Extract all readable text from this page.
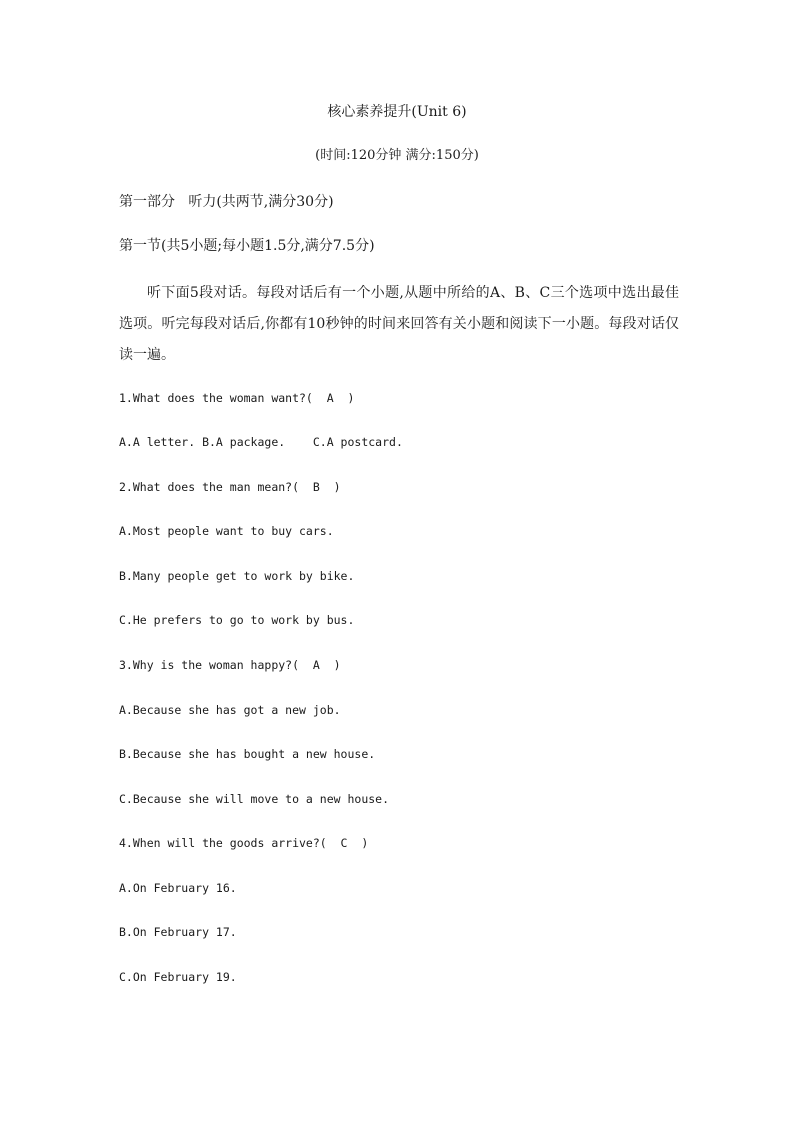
核心素养提升(Unit 6)
(时间:120分钟 满分:150分)
第一部分   听力(共两节,满分30分)
第一节(共5小题;每小题1.5分,满分7.5分)
听下面5段对话。每段对话后有一个小题,从题中所给的A、B、C三个选项中选出最佳选项。听完每段对话后,你都有10秒钟的时间来回答有关小题和阅读下一小题。每段对话仅读一遍。
1.What does the woman want?(  A  )
A.A letter. B.A package.    C.A postcard.
2.What does the man mean?(  B  )
A.Most people want to buy cars.
B.Many people get to work by bike.
C.He prefers to go to work by bus.
3.Why is the woman happy?(  A  )
A.Because she has got a new job.
B.Because she has bought a new house.
C.Because she will move to a new house.
4.When will the goods arrive?(  C  )
A.On February 16.
B.On February 17.
C.On February 19.
